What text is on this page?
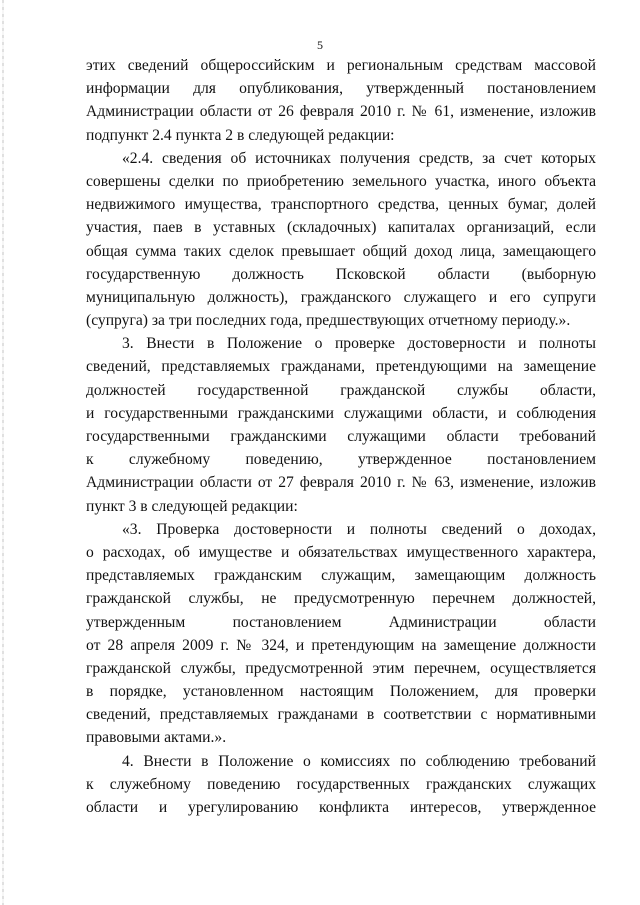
5
этих сведений общероссийским и региональным средствам массовой
информации для опубликования, утвержденный постановлением
Администрации области от 26 февраля 2010 г. № 61, изменение, изложив
подпункт 2.4 пункта 2 в следующей редакции:
«2.4. сведения об источниках получения средств, за счет которых
совершены сделки по приобретению земельного участка, иного объекта
недвижимого имущества, транспортного средства, ценных бумаг, долей
участия, паев в уставных (складочных) капиталах организаций, если
общая сумма таких сделок превышает общий доход лица, замещающего
государственную должность Псковской области (выборную
муниципальную должность), гражданского служащего и его супруги
(супруга) за три последних года, предшествующих отчетному периоду.».
3. Внести в Положение о проверке достоверности и полноты
сведений, представляемых гражданами, претендующими на замещение
должностей государственной гражданской службы области,
и государственными гражданскими служащими области, и соблюдения
государственными гражданскими служащими области требований
к служебному поведению, утвержденное постановлением
Администрации области от 27 февраля 2010 г. № 63, изменение, изложив
пункт 3 в следующей редакции:
«3. Проверка достоверности и полноты сведений о доходах,
о расходах, об имуществе и обязательствах имущественного характера,
представляемых гражданским служащим, замещающим должность
гражданской службы, не предусмотренную перечнем должностей,
утвержденным постановлением Администрации области
от 28 апреля 2009 г. № 324, и претендующим на замещение должности
гражданской службы, предусмотренной этим перечнем, осуществляется
в порядке, установленном настоящим Положением, для проверки
сведений, представляемых гражданами в соответствии с нормативными
правовыми актами.».
4. Внести в Положение о комиссиях по соблюдению требований
к служебному поведению государственных гражданских служащих
области и урегулированию конфликта интересов, утвержденное
